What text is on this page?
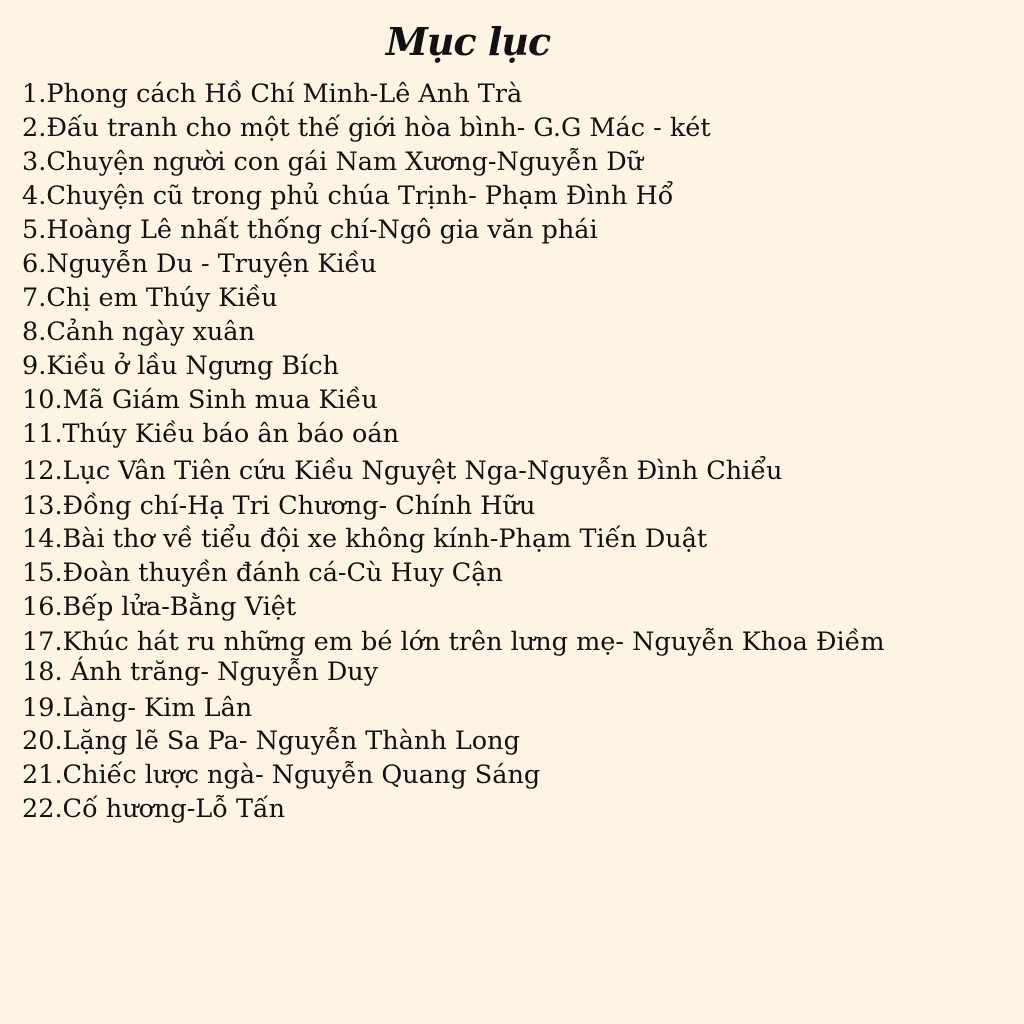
Mục lục
1.Phong cách Hồ Chí Minh-Lê Anh Trà
2.Đấu tranh cho một thế giới hòa bình- G.G Mác - két
3.Chuyện người con gái Nam Xương-Nguyễn Dữ
4.Chuyện cũ trong phủ chúa Trịnh- Phạm Đình Hổ
5.Hoàng Lê nhất thống chí-Ngô gia văn phái
6.Nguyễn Du - Truyện Kiều
7.Chị em Thúy Kiều
8.Cảnh ngày xuân
9.Kiều ở lầu Ngưng Bích
10.Mã Giám Sinh mua Kiều
11.Thúy Kiều báo ân báo oán
12.Lục Vân Tiên cứu Kiều Nguyệt Nga-Nguyễn Đình Chiểu
13.Đồng chí-Hạ Tri Chương- Chính Hữu
14.Bài thơ về tiểu đội xe không kính-Phạm Tiến Duật
15.Đoàn thuyền đánh cá-Cù Huy Cận
16.Bếp lửa-Bằng Việt
17.Khúc hát ru những em bé lớn trên lưng mẹ- Nguyễn Khoa Điềm
18. Ánh trăng- Nguyễn Duy
19.Làng- Kim Lân
20.Lặng lẽ Sa Pa- Nguyễn Thành Long
21.Chiếc lược ngà- Nguyễn Quang Sáng
22.Cố hương-Lỗ Tấn
